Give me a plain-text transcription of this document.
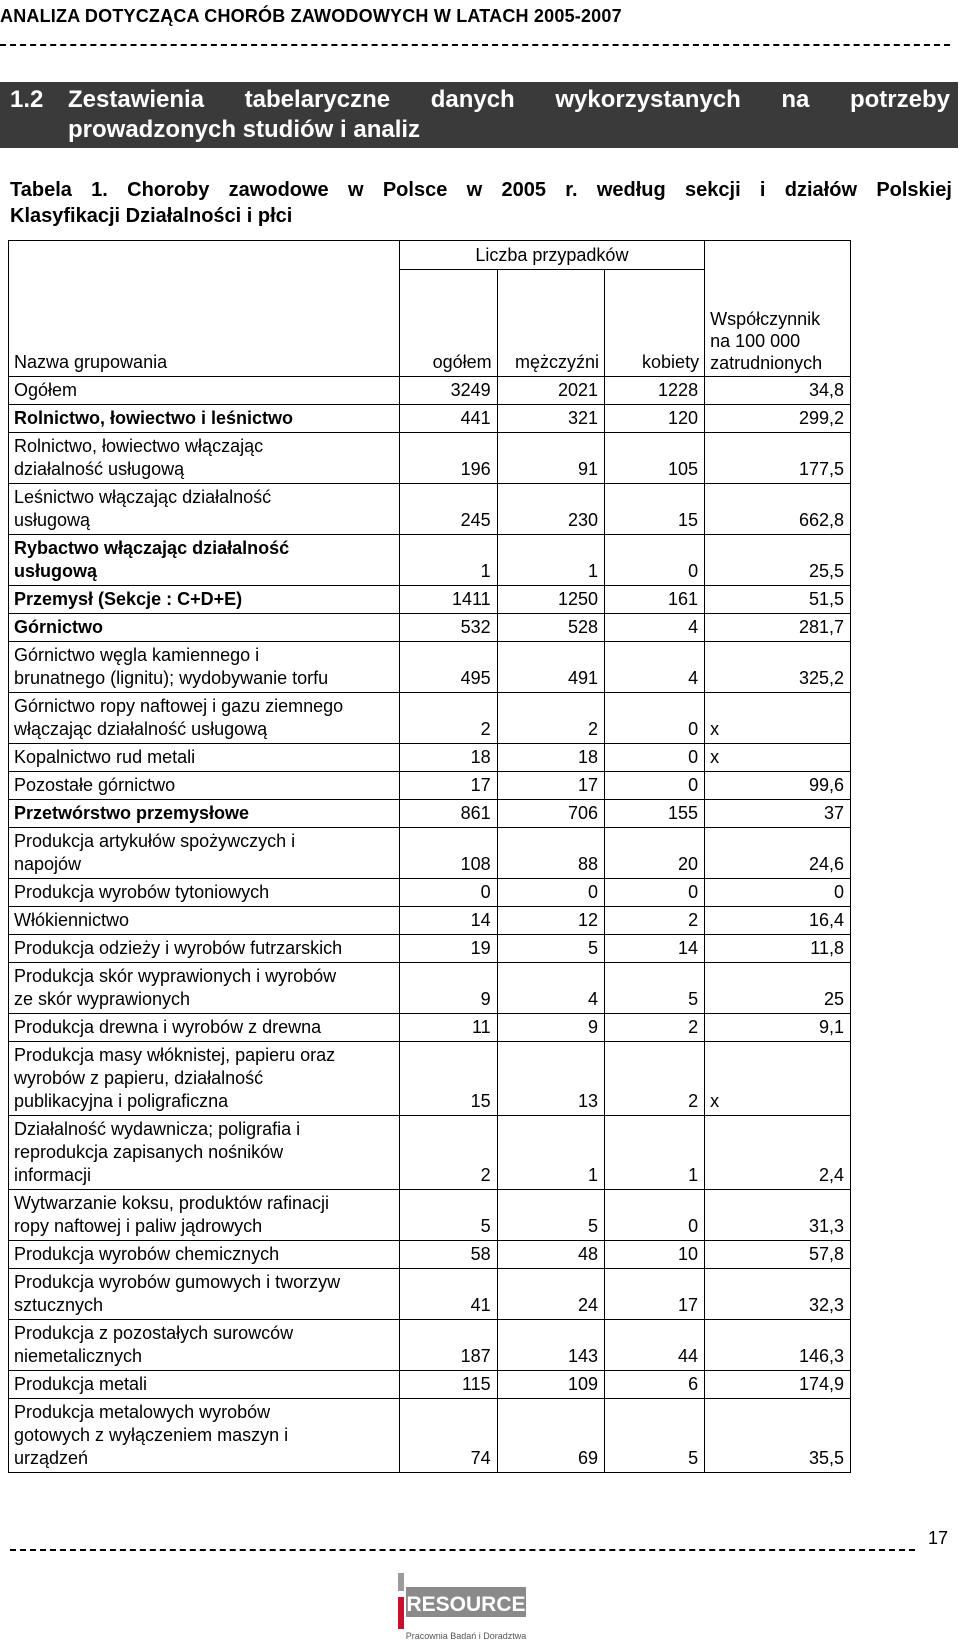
ANALIZA DOTYCZĄCA CHORÓB ZAWODOWYCH W LATACH 2005-2007
1.2 Zestawienia tabelaryczne danych wykorzystanych na potrzeby
prowadzonych studiów i analiz
Tabela 1. Choroby zawodowe w Polsce w 2005 r. według sekcji i działów Polskiej
Klasyfikacji Działalności i płci
Nazwa grupowania	Liczba przypadków			Współczynnik
na 100 000
zatrudnionych

	ogółem	mężczyźni	kobiety	

Ogółem	3249	2021	1228	34,8

Rolnictwo, łowiectwo i leśnictwo	441	321	120	299,2

Rolnictwo, łowiectwo włączając
działalność usługową	196	91	105	177,5

Leśnictwo włączając działalność
usługową	245	230	15	662,8

Rybactwo włączając działalność
usługową	1	1	0	25,5

Przemysł (Sekcje : C+D+E)	1411	1250	161	51,5

Górnictwo	532	528	4	281,7

Górnictwo węgla kamiennego i
brunatnego (lignitu); wydobywanie torfu	495	491	4	325,2

Górnictwo ropy naftowej i gazu ziemnego
włączając działalność usługową	2	2	0	x

Kopalnictwo rud metali	18	18	0	x

Pozostałe górnictwo	17	17	0	99,6

Przetwórstwo przemysłowe	861	706	155	37

Produkcja artykułów spożywczych i
napojów	108	88	20	24,6

Produkcja wyrobów tytoniowych	0	0	0	0

Włókiennictwo	14	12	2	16,4

Produkcja odzieży i wyrobów futrzarskich	19	5	14	11,8

Produkcja skór wyprawionych i wyrobów
ze skór wyprawionych	9	4	5	25

Produkcja drewna i wyrobów z drewna	11	9	2	9,1

Produkcja masy włóknistej, papieru oraz
wyrobów z papieru, działalność
publikacyjna i poligraficzna	15	13	2	x

Działalność wydawnicza; poligrafia i
reprodukcja zapisanych nośników
informacji	2	1	1	2,4

Wytwarzanie koksu, produktów rafinacji
ropy naftowej i paliw jądrowych	5	5	0	31,3

Produkcja wyrobów chemicznych	58	48	10	57,8

Produkcja wyrobów gumowych i tworzyw
sztucznych	41	24	17	32,3

Produkcja z pozostałych surowców
niemetalicznych	187	143	44	146,3

Produkcja metali	115	109	6	174,9

Produkcja metalowych wyrobów
gotowych z wyłączeniem maszyn i
urządzeń	74	69	5	35,5
17
RESOURCE
Pracownia Badań i Doradztwa
